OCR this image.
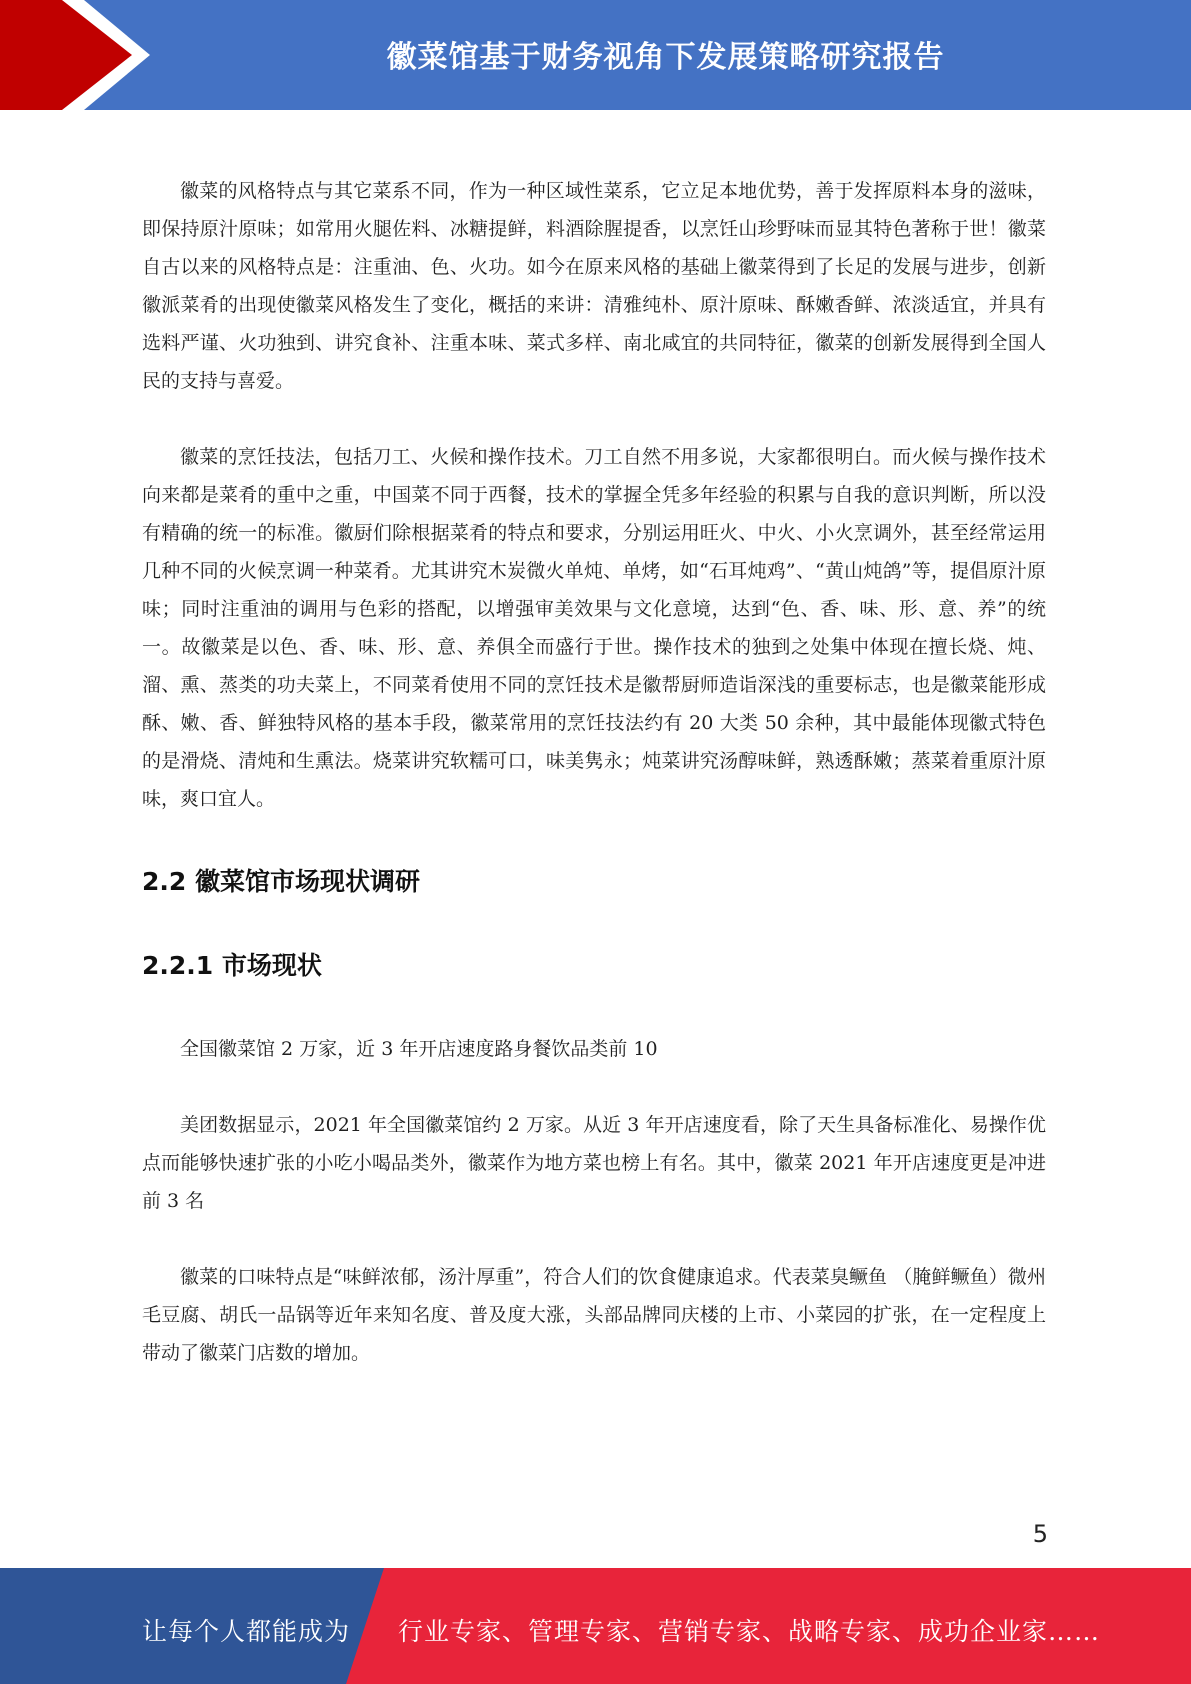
徽菜馆基于财务视角下发展策略研究报告

徽菜的风格特点与其它菜系不同，作为一种区域性菜系，它立足本地优势，善于发挥原料本身的滋味，即保持原汁原味；如常用火腿佐料、冰糖提鲜，料酒除腥提香，以烹饪山珍野味而显其特色著称于世！徽菜自古以来的风格特点是：注重油、色、火功。如今在原来风格的基础上徽菜得到了长足的发展与进步，创新徽派菜肴的出现使徽菜风格发生了变化，概括的来讲：清雅纯朴、原汁原味、酥嫩香鲜、浓淡适宜，并具有选料严谨、火功独到、讲究食补、注重本味、菜式多样、南北咸宜的共同特征，徽菜的创新发展得到全国人民的支持与喜爱。

徽菜的烹饪技法，包括刀工、火候和操作技术。刀工自然不用多说，大家都很明白。而火候与操作技术向来都是菜肴的重中之重，中国菜不同于西餐，技术的掌握全凭多年经验的积累与自我的意识判断，所以没有精确的统一的标准。徽厨们除根据菜肴的特点和要求，分别运用旺火、中火、小火烹调外，甚至经常运用几种不同的火候烹调一种菜肴。尤其讲究木炭微火单炖、单烤，如“石耳炖鸡”、“黄山炖鸽”等，提倡原汁原味；同时注重油的调用与色彩的搭配，以增强审美效果与文化意境，达到“色、香、味、形、意、养”的统一。故徽菜是以色、香、味、形、意、养俱全而盛行于世。操作技术的独到之处集中体现在擅长烧、炖、溜、熏、蒸类的功夫菜上，不同菜肴使用不同的烹饪技术是徽帮厨师造诣深浅的重要标志，也是徽菜能形成酥、嫩、香、鲜独特风格的基本手段，徽菜常用的烹饪技法约有 20 大类 50 余种，其中最能体现徽式特色的是滑烧、清炖和生熏法。烧菜讲究软糯可口，味美隽永；炖菜讲究汤醇味鲜，熟透酥嫩；蒸菜着重原汁原味，爽口宜人。

2.2 徽菜馆市场现状调研
2.2.1 市场现状

全国徽菜馆 2 万家，近 3 年开店速度路身餐饮品类前 10

美团数据显示，2021 年全国徽菜馆约 2 万家。从近 3 年开店速度看，除了天生具备标准化、易操作优点而能够快速扩张的小吃小喝品类外，徽菜作为地方菜也榜上有名。其中，徽菜 2021 年开店速度更是冲进前 3 名

徽菜的口味特点是“味鲜浓郁，汤汁厚重”，符合人们的饮食健康追求。代表菜臭鳜鱼 （腌鲜鳜鱼）微州毛豆腐、胡氏一品锅等近年来知名度、普及度大涨，头部品牌同庆楼的上市、小菜园的扩张，在一定程度上带动了徽菜门店数的增加。

5
让每个人都能成为 行业专家、管理专家、营销专家、战略专家、成功企业家……
